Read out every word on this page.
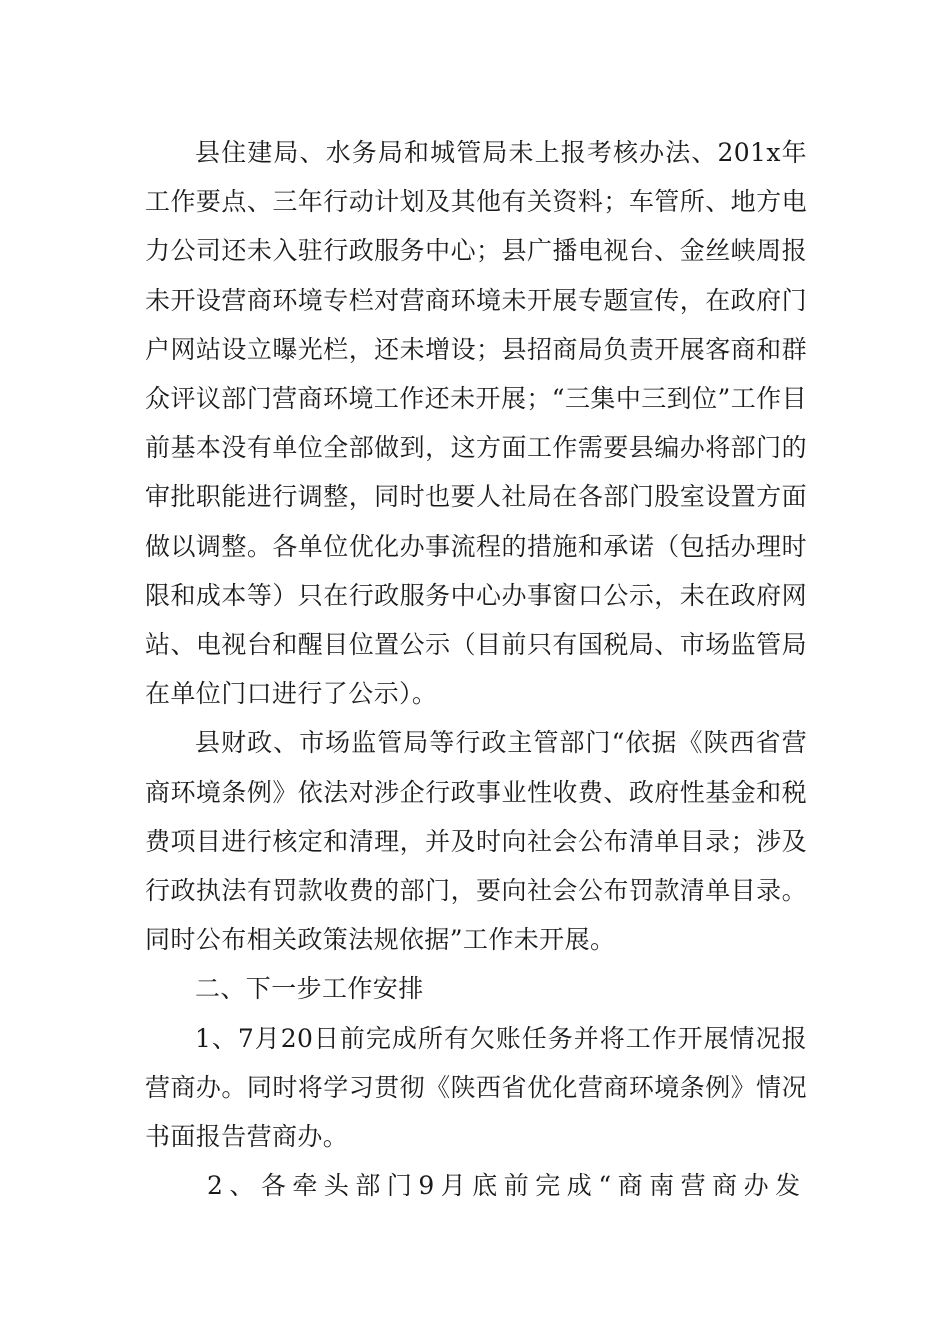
县住建局、水务局和城管局未上报考核办法、201x年工作要点、三年行动计划及其他有关资料；车管所、地方电力公司还未入驻行政服务中心；县广播电视台、金丝峡周报未开设营商环境专栏对营商环境未开展专题宣传，在政府门户网站设立曝光栏，还未增设；县招商局负责开展客商和群众评议部门营商环境工作还未开展；“三集中三到位”工作目前基本没有单位全部做到，这方面工作需要县编办将部门的审批职能进行调整，同时也要人社局在各部门股室设置方面做以调整。各单位优化办事流程的措施和承诺（包括办理时限和成本等）只在行政服务中心办事窗口公示，未在政府网站、电视台和醒目位置公示（目前只有国税局、市场监管局在单位门口进行了公示）。

县财政、市场监管局等行政主管部门“依据《陕西省营商环境条例》依法对涉企行政事业性收费、政府性基金和税费项目进行核定和清理，并及时向社会公布清单目录；涉及行政执法有罚款收费的部门，要向社会公布罚款清单目录。同时公布相关政策法规依据”工作未开展。

二、下一步工作安排

1、7月20日前完成所有欠账任务并将工作开展情况报营商办。同时将学习贯彻《陕西省优化营商环境条例》情况书面报告营商办。

2、各牵头部门9月底前完成“商南营商办发
